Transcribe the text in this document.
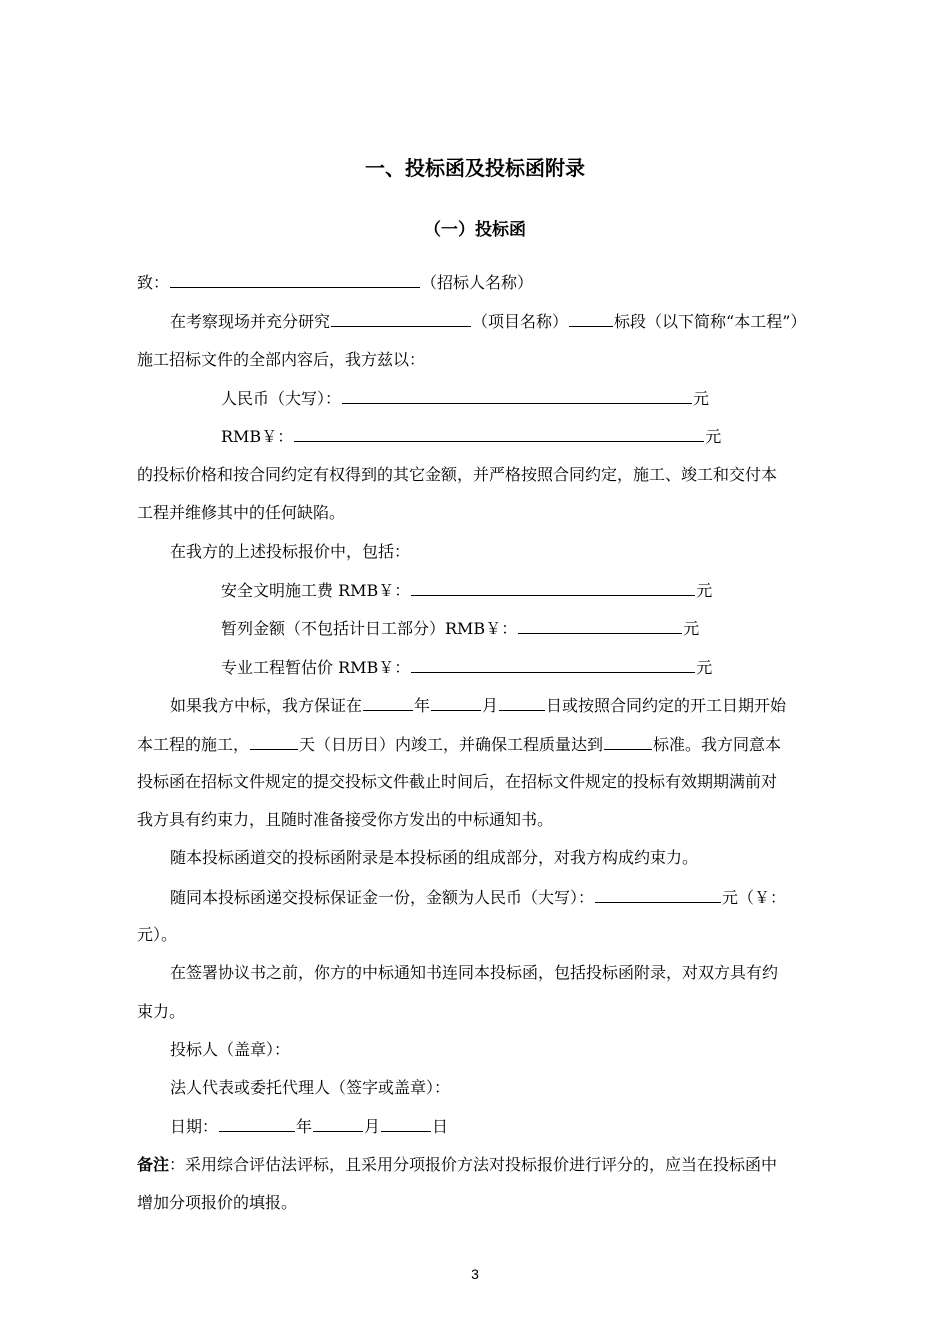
一、投标函及投标函附录
（一）投标函
致：	（招标人名称）
在考察现场并充分研究	（项目名称）	标段（以下简称“本工程”）
施工招标文件的全部内容后，我方兹以：
人民币（大写）：	元
RMB￥：	元
的投标价格和按合同约定有权得到的其它金额，并严格按照合同约定，施工、竣工和交付本
工程并维修其中的任何缺陷。
在我方的上述投标报价中，包括：
安全文明施工费 RMB￥：	元
暂列金额（不包括计日工部分）RMB￥：	元
专业工程暂估价 RMB￥：	元
如果我方中标，我方保证在	年	月	日或按照合同约定的开工日期开始
本工程的施工，	天（日历日）内竣工，并确保工程质量达到	标准。我方同意本
投标函在招标文件规定的提交投标文件截止时间后，在招标文件规定的投标有效期期满前对
我方具有约束力，且随时准备接受你方发出的中标通知书。
随本投标函道交的投标函附录是本投标函的组成部分，对我方构成约束力。
随同本投标函递交投标保证金一份，金额为人民币（大写）：	元（￥：
元）。
在签署协议书之前，你方的中标通知书连同本投标函，包括投标函附录，对双方具有约
束力。
投标人（盖章）：
法人代表或委托代理人（签字或盖章）：
日期：	年	月	日
备注：采用综合评估法评标，且采用分项报价方法对投标报价进行评分的，应当在投标函中
增加分项报价的填报。
3
